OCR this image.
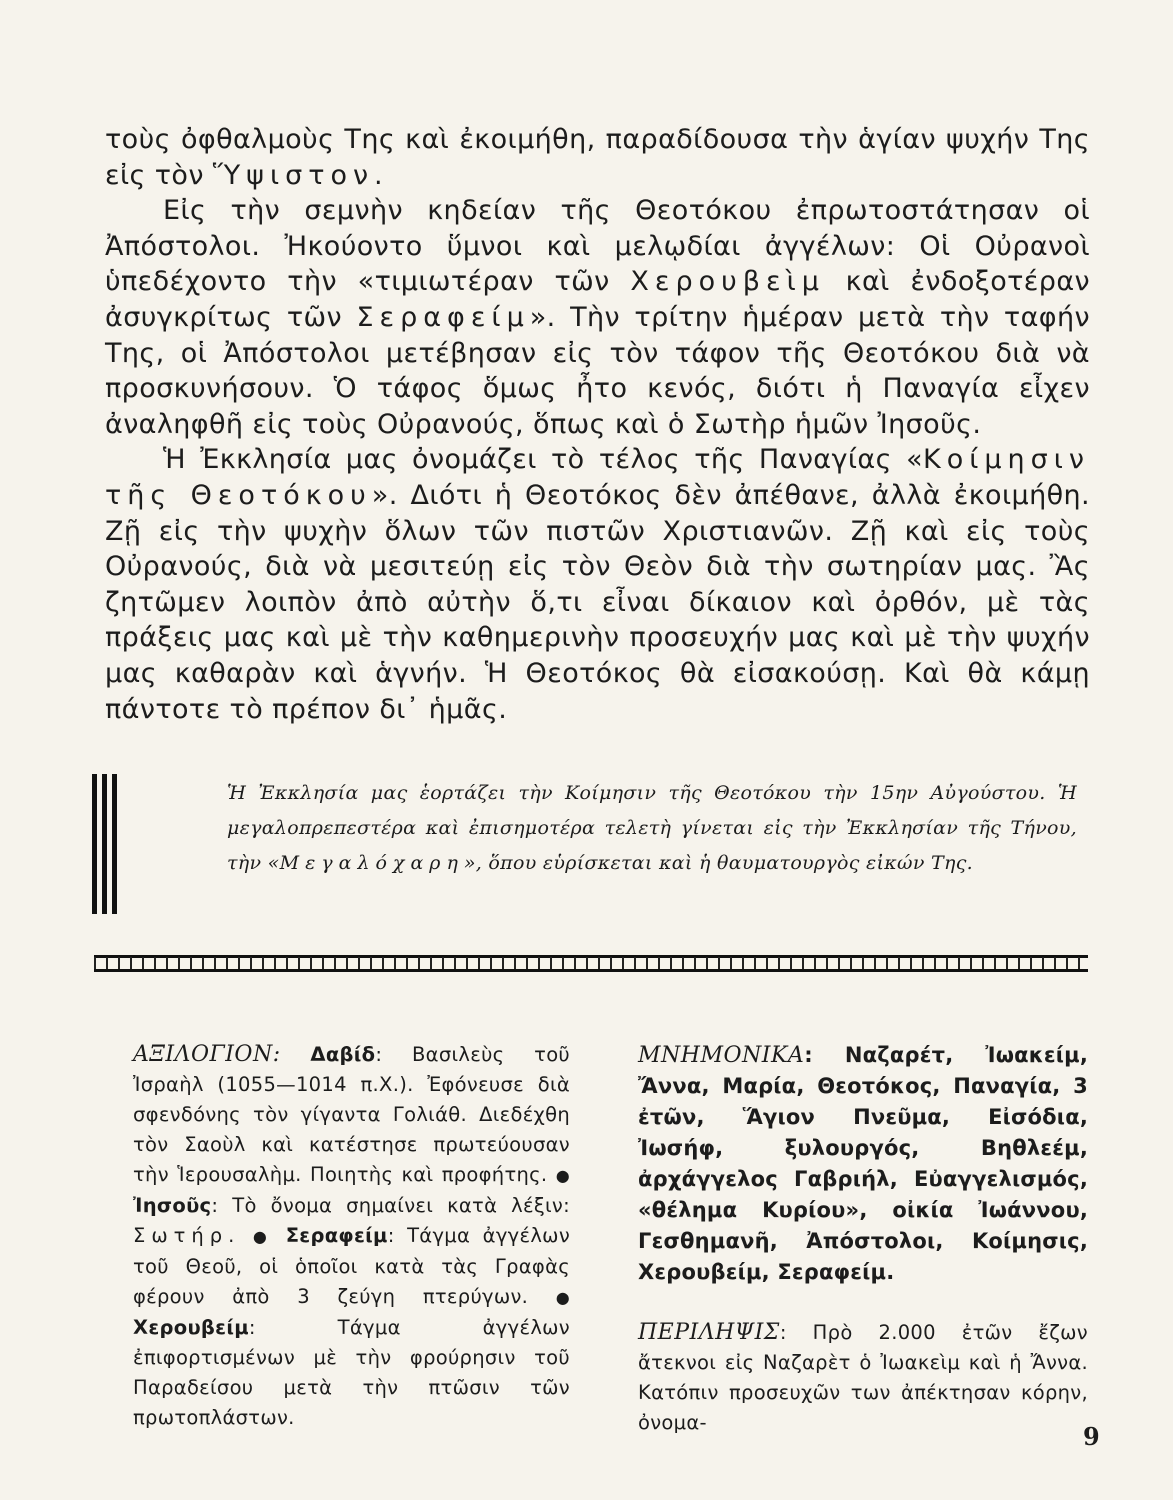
τοὺς ὀφθαλμοὺς Της καὶ ἐκοιμήθη, παραδίδουσα τὴν ἁγίαν ψυχήν Της εἰς τὸν Ὕψιστον.

Εἰς τὴν σεμνὴν κηδείαν τῆς Θεοτόκου ἐπρωτοστάτησαν οἱ Ἀπόστολοι. Ἠκούοντο ὕμνοι καὶ μελῳδίαι ἀγγέλων: Οἱ Οὐρανοὶ ὑπεδέχοντο τὴν «τιμιωτέραν τῶν Χερουβεὶμ καὶ ἐνδοξοτέραν ἀσυγκρίτως τῶν Σεραφείμ». Τὴν τρίτην ἡμέραν μετὰ τὴν ταφήν Της, οἱ Ἀπόστολοι μετέβησαν εἰς τὸν τάφον τῆς Θεοτόκου διὰ νὰ προσκυνήσουν. Ὁ τάφος ὅμως ἦτο κενός, διότι ἡ Παναγία εἶχεν ἀναληφθῆ εἰς τοὺς Οὐρανούς, ὅπως καὶ ὁ Σωτὴρ ἡμῶν Ἰησοῦς.

Ἡ Ἐκκλησία μας ὀνομάζει τὸ τέλος τῆς Παναγίας «Κοίμησιν τῆς Θεοτόκου». Διότι ἡ Θεοτόκος δὲν ἀπέθανε, ἀλλὰ ἐκοιμήθη. Ζῇ εἰς τὴν ψυχὴν ὅλων τῶν πιστῶν Χριστιανῶν. Ζῇ καὶ εἰς τοὺς Οὐρανούς, διὰ νὰ μεσιτεύῃ εἰς τὸν Θεὸν διὰ τὴν σωτηρίαν μας. Ἂς ζητῶμεν λοιπὸν ἀπὸ αὐτὴν ὅ,τι εἶναι δίκαιον καὶ ὀρθόν, μὲ τὰς πράξεις μας καὶ μὲ τὴν καθημερινὴν προσευχήν μας καὶ μὲ τὴν ψυχήν μας καθαρὰν καὶ ἁγνήν. Ἡ Θεοτόκος θὰ εἰσακούσῃ. Καὶ θὰ κάμῃ πάντοτε τὸ πρέπον δι᾿ ἡμᾶς.

Ἡ Ἐκκλησία μας ἑορτάζει τὴν Κοίμησιν τῆς Θεοτόκου τὴν 15ην Αὐγούστου. Ἡ μεγαλοπρεπεστέρα καὶ ἐπισημοτέρα τελετὴ γίνεται εἰς τὴν Ἐκκλησίαν τῆς Τήνου, τὴν «Μεγαλόχαρη», ὅπου εὑρίσκεται καὶ ἡ θαυματουργὸς εἰκών Της.

ΑΞΙΛΟΓΙΟΝ: Δαβίδ: Βασιλεὺς τοῦ Ἰσραὴλ (1055—1014 π.Χ.). Ἐφόνευσε διὰ σφενδόνης τὸν γίγαντα Γολιάθ. Διεδέχθη τὸν Σαοὺλ καὶ κατέστησε πρωτεύουσαν τὴν Ἱερουσαλὴμ. Ποιητὴς καὶ προφήτης. ● Ἰησοῦς: Τὸ ὄνομα σημαίνει κατὰ λέξιν: Σωτήρ. ● Σεραφείμ: Τάγμα ἀγγέλων τοῦ Θεοῦ, οἱ ὁποῖοι κατὰ τὰς Γραφὰς φέρουν ἀπὸ 3 ζεύγη πτερύγων. ● Χερουβείμ: Τάγμα ἀγγέλων ἐπιφορτισμένων μὲ τὴν φρούρησιν τοῦ Παραδείσου μετὰ τὴν πτῶσιν τῶν πρωτοπλάστων.

ΜΝΗΜΟΝΙΚΑ: Ναζαρέτ, Ἰωακείμ, Ἄννα, Μαρία, Θεοτόκος, Παναγία, 3 ἐτῶν, Ἅγιον Πνεῦμα, Εἰσόδια, Ἰωσήφ, ξυλουργός, Βηθλεέμ, ἀρχάγγελος Γαβριήλ, Εὐαγγελισμός, «θέλημα Κυρίου», οἰκία Ἰωάννου, Γεσθημανῆ, Ἀπόστολοι, Κοίμησις, Χερουβείμ, Σεραφείμ.

ΠΕΡΙΛΗΨΙΣ: Πρὸ 2.000 ἐτῶν ἔζων ἄτεκνοι εἰς Ναζαρὲτ ὁ Ἰωακεὶμ καὶ ἡ Ἄννα. Κατόπιν προσευχῶν των ἀπέκτησαν κόρην, ὀνομα-	9
